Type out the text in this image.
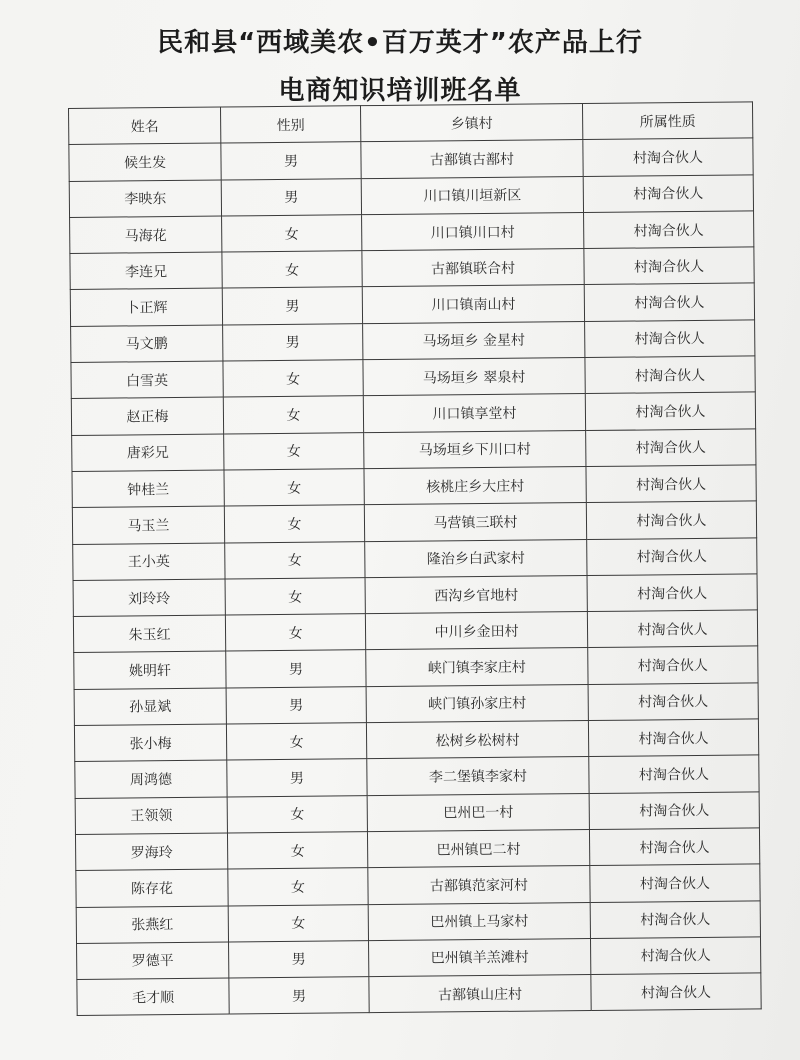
民和县“西域美农•百万英才”农产品上行
电商知识培训班名单
姓名	性别	乡镇村	所属性质
候生发	男	古鄯镇古鄯村	村淘合伙人
李映东	男	川口镇川垣新区	村淘合伙人
马海花	女	川口镇川口村	村淘合伙人
李连兄	女	古鄯镇联合村	村淘合伙人
卜正辉	男	川口镇南山村	村淘合伙人
马文鹏	男	马场垣乡 金星村	村淘合伙人
白雪英	女	马场垣乡 翠泉村	村淘合伙人
赵正梅	女	川口镇享堂村	村淘合伙人
唐彩兄	女	马场垣乡下川口村	村淘合伙人
钟桂兰	女	核桃庄乡大庄村	村淘合伙人
马玉兰	女	马营镇三联村	村淘合伙人
王小英	女	隆治乡白武家村	村淘合伙人
刘玲玲	女	西沟乡官地村	村淘合伙人
朱玉红	女	中川乡金田村	村淘合伙人
姚明轩	男	峡门镇李家庄村	村淘合伙人
孙显斌	男	峡门镇孙家庄村	村淘合伙人
张小梅	女	松树乡松树村	村淘合伙人
周鸿德	男	李二堡镇李家村	村淘合伙人
王领领	女	巴州巴一村	村淘合伙人
罗海玲	女	巴州镇巴二村	村淘合伙人
陈存花	女	古鄯镇范家河村	村淘合伙人
张燕红	女	巴州镇上马家村	村淘合伙人
罗德平	男	巴州镇羊羔滩村	村淘合伙人
毛才顺	男	古鄯镇山庄村	村淘合伙人
